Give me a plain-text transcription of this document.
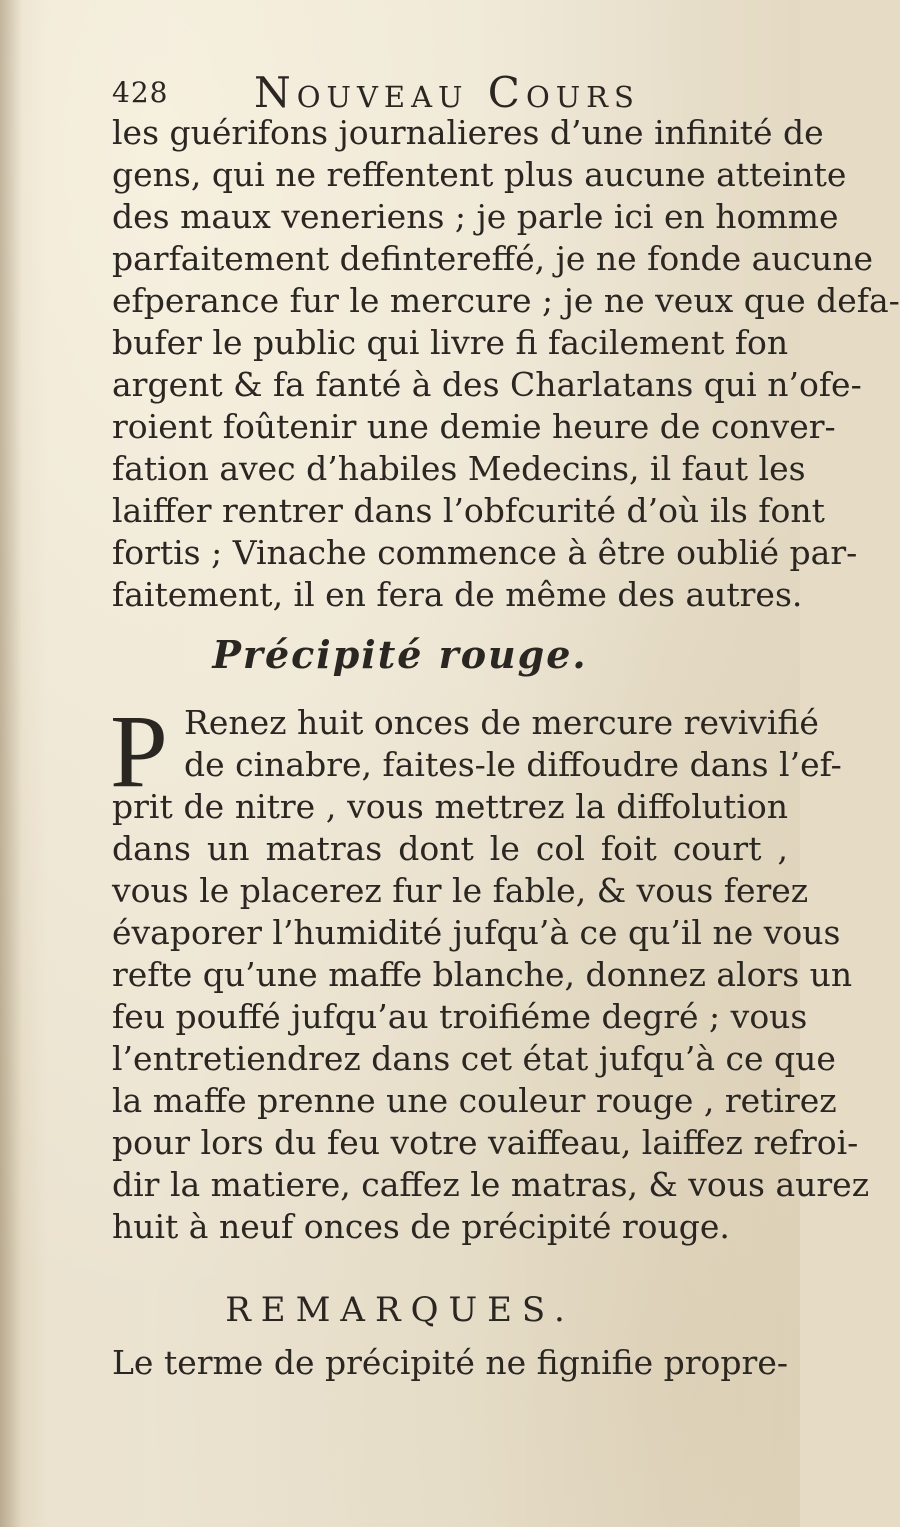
428 Nouveau Cours
les guérifons journalieres d’une infinité de
gens, qui ne reffentent plus aucune atteinte
des maux veneriens ; je parle ici en homme
parfaitement defintereffé, je ne fonde aucune
efperance fur le mercure ; je ne veux que defa-
bufer le public qui livre fi facilement fon
argent & fa fanté à des Charlatans qui n’ofe-
roient foûtenir une demie heure de conver-
fation avec d’habiles Medecins, il faut les
laiffer rentrer dans l’obfcurité d’où ils font
fortis ; Vinache commence à être oublié par-
faitement, il en fera de même des autres.
Précipité rouge.
P Renez huit onces de mercure revivifié
de cinabre, faites-le diffoudre dans l’ef-
prit de nitre , vous mettrez la diffolution
dans un matras dont le col foit court ,
vous le placerez fur le fable, & vous ferez
évaporer l’humidité jufqu’à ce qu’il ne vous
refte qu’une maffe blanche, donnez alors un
feu pouffé jufqu’au troifiéme degré ; vous
l’entretiendrez dans cet état jufqu’à ce que
la maffe prenne une couleur rouge , retirez
pour lors du feu votre vaiffeau, laiffez refroi-
dir la matiere, caffez le matras, & vous aurez
huit à neuf onces de précipité rouge.
REMARQUES.
Le terme de précipité ne fignifie propre-
